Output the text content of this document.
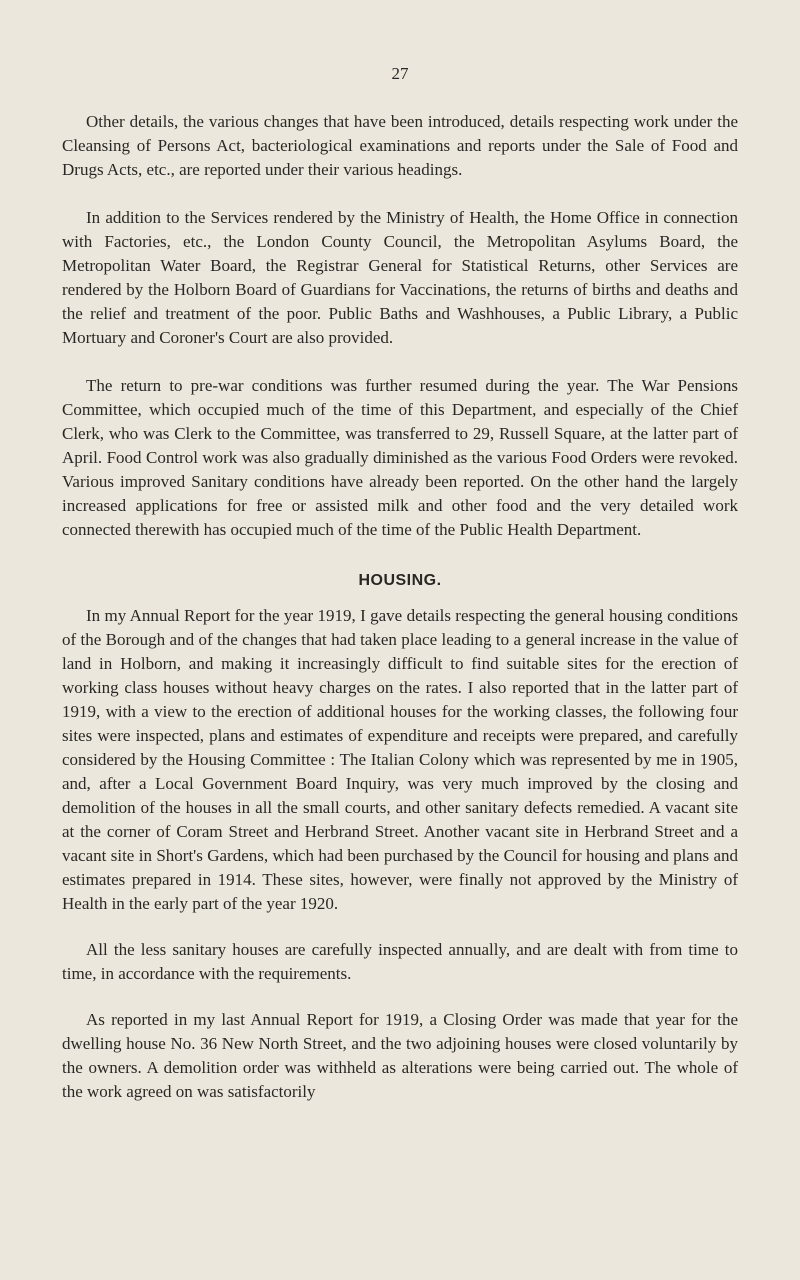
27

Other details, the various changes that have been introduced, details respecting work under the Cleansing of Persons Act, bacteriological examinations and reports under the Sale of Food and Drugs Acts, etc., are reported under their various headings.

In addition to the Services rendered by the Ministry of Health, the Home Office in connection with Factories, etc., the London County Council, the Metropolitan Asylums Board, the Metropolitan Water Board, the Registrar General for Statistical Returns, other Services are rendered by the Holborn Board of Guardians for Vaccinations, the returns of births and deaths and the relief and treatment of the poor. Public Baths and Washhouses, a Public Library, a Public Mortuary and Coroner's Court are also provided.

The return to pre-war conditions was further resumed during the year. The War Pensions Committee, which occupied much of the time of this Department, and especially of the Chief Clerk, who was Clerk to the Committee, was transferred to 29, Russell Square, at the latter part of April. Food Control work was also gradually diminished as the various Food Orders were revoked. Various improved Sanitary conditions have already been reported. On the other hand the largely increased applications for free or assisted milk and other food and the very detailed work connected therewith has occupied much of the time of the Public Health Department.

HOUSING.

In my Annual Report for the year 1919, I gave details respecting the general housing conditions of the Borough and of the changes that had taken place leading to a general increase in the value of land in Holborn, and making it increasingly difficult to find suitable sites for the erection of working class houses without heavy charges on the rates. I also reported that in the latter part of 1919, with a view to the erection of additional houses for the working classes, the following four sites were inspected, plans and estimates of expenditure and receipts were prepared, and carefully considered by the Housing Committee : The Italian Colony which was represented by me in 1905, and, after a Local Government Board Inquiry, was very much improved by the closing and demolition of the houses in all the small courts, and other sanitary defects remedied. A vacant site at the corner of Coram Street and Herbrand Street. Another vacant site in Herbrand Street and a vacant site in Short's Gardens, which had been purchased by the Council for housing and plans and estimates prepared in 1914. These sites, however, were finally not approved by the Ministry of Health in the early part of the year 1920.

All the less sanitary houses are carefully inspected annually, and are dealt with from time to time, in accordance with the requirements.

As reported in my last Annual Report for 1919, a Closing Order was made that year for the dwelling house No. 36 New North Street, and the two adjoining houses were closed voluntarily by the owners. A demolition order was withheld as alterations were being carried out. The whole of the work agreed on was satisfactorily
